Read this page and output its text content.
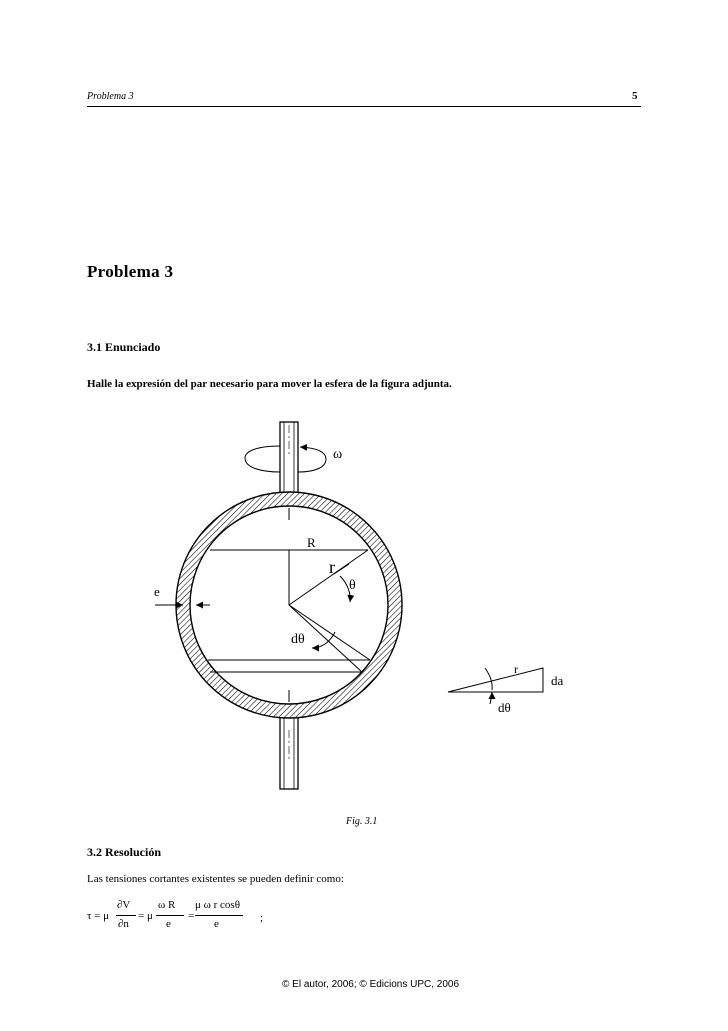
Problema 3	5
Problema 3
3.1 Enunciado
Halle la expresión del par necesario para mover la esfera de la figura adjunta.
ω
R
r
θ
e
dθ
r
da
dθ
Fig. 3.1
3.2 Resolución
Las tensiones cortantes existentes se pueden definir como:
τ = μ
∂V
∂n
= μ
ω R
e
=
μ ω r cosθ
e	;
© El autor, 2006; © Edicions UPC, 2006
